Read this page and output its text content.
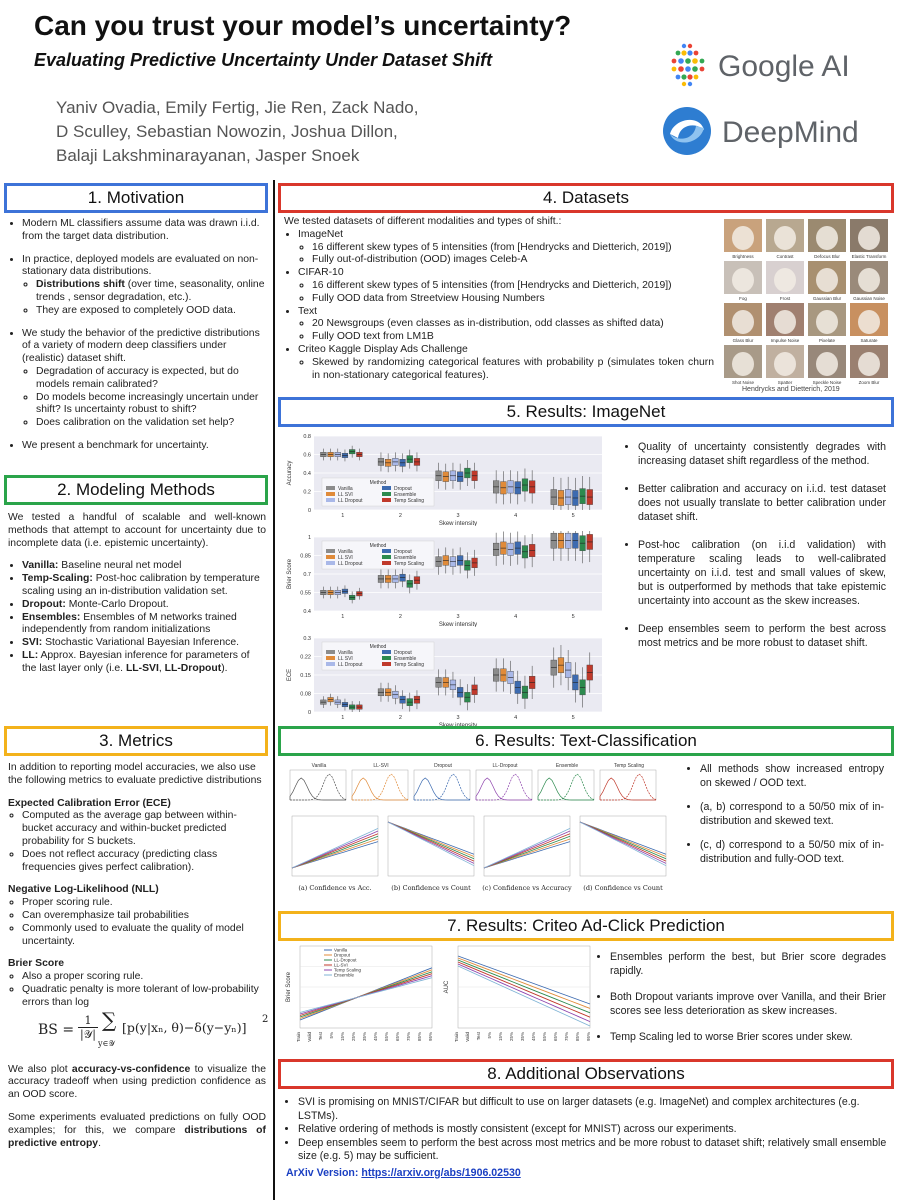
Can you trust your model’s uncertainty?
Evaluating Predictive Uncertainty Under Dataset Shift
Yaniv Ovadia, Emily Fertig, Jie Ren, Zack Nado,
D Sculley, Sebastian Nowozin, Joshua Dillon,
Balaji Lakshminarayanan, Jasper Snoek
Google AI
DeepMind
1. Motivation
• Modern ML classifiers assume data was drawn i.i.d. from the target data distribution.
• In practice, deployed models are evaluated on non-stationary data distributions.
◦ Distributions shift (over time, seasonality, online trends , sensor degradation, etc.).
◦ They are exposed to completely OOD data.
• We study the behavior of the predictive distributions of a variety of modern deep classifiers under (realistic) dataset shift.
◦ Degradation of accuracy is expected, but do models remain calibrated?
◦ Do models become increasingly uncertain under shift? Is uncertainty robust to shift?
◦ Does calibration on the validation set help?
• We present a benchmark for uncertainty.
2. Modeling Methods
We tested a handful of scalable and well-known methods that attempt to account for uncertainty due to incomplete data (i.e. epistemic uncertainty).
• Vanilla: Baseline neural net model
• Temp-Scaling: Post-hoc calibration by temperature scaling using an in-distribution validation set.
• Dropout: Monte-Carlo Dropout.
• Ensembles: Ensembles of M networks trained independently from random initializations
• SVI: Stochastic Variational Bayesian Inference.
• LL: Approx. Bayesian inference for parameters of the last layer only (i.e. LL-SVI, LL-Dropout).
3. Metrics
In addition to reporting model accuracies, we also use the following metrics to evaluate predictive distributions
Expected Calibration Error (ECE)
◦ Computed as the average gap between within-bucket accuracy and within-bucket predicted probability for S buckets.
◦ Does not reflect accuracy (predicting class frequencies gives perfect calibration).
Negative Log-Likelihood (NLL)
◦ Proper scoring rule.
◦ Can overemphasize tail probabilities
◦ Commonly used to evaluate the quality of model uncertainty.
Brier Score
◦ Also a proper scoring rule.
◦ Quadratic penalty is more tolerant of low-probability errors than log
BS =
1
|𝒴|
∑
y∈𝒴
[p(y|xₙ, θ)−δ(y−yₙ)]
2
We also plot accuracy-vs-confidence to visualize the accuracy tradeoff when using prediction confidence as an OOD score.
Some experiments evaluated predictions on fully OOD examples; for this, we compare distributions of predictive entropy.
4. Datasets
We tested datasets of different modalities and types of shift.:
• ImageNet
◦ 16 different skew types of 5 intensities (from [Hendrycks and Dietterich, 2019])
◦ Fully out-of-distribution (OOD) images Celeb-A
• CIFAR-10
◦ 16 different skew types of 5 intensities (from [Hendrycks and Dietterich, 2019])
◦ Fully OOD data from Streetview Housing Numbers
• Text
◦ 20 Newsgroups (even classes as in-distribution, odd classes as shifted data)
◦ Fully OOD text from LM1B
• Criteo Kaggle Display Ads Challenge
◦ Skewed by randomizing categorical features with probability p (simulates token churn in non-stationary categorical features).
Brightness	Contrast	Defocus Blur	Elastic Transform
Fog	Frost	Gaussian Blur	Gaussian Noise
Glass Blur	Impulse Noise	Pixelate	Saturate
Shot Noise	Spatter	Speckle Noise	Zoom Blur
Hendrycks and Dietterich, 2019
5. Results: ImageNet
0
0.2
0.4
0.6
0.8
Accuracy
1	2	3	4	5
Skew intensity
Method
Vanilla
LL SVI
LL Dropout
Dropout
Ensemble
Temp Scaling

0.4
0.55
0.7
0.85
1
Brier Score
1	2	3	4	5
Skew intensity
Method
Vanilla
LL SVI
LL Dropout
Dropout
Ensemble
Temp Scaling

0
0.08
0.15
0.22
0.3
ECE
1	2	3	4	5
Method
Vanilla
LL SVI
LL Dropout
Dropout
Ensemble
Temp Scaling
• Quality of uncertainty consistently degrades with increasing dataset shift regardless of the method.
• Better calibration and accuracy on i.i.d. test dataset does not usually translate to better calibration under dataset shift.
• Post-hoc calibration (on i.i.d validation) with temperature scaling leads to well-calibrated uncertainty on i.i.d. test and small values of skew, but is outperformed by methods that take epistemic uncertainty into account as the skew increases.
• Deep ensembles seem to perform the best across most metrics and be more robust to dataset shift.
6. Results: Text-Classification
Vanilla	LL-SVI	Dropout	LL-Dropout	Ensemble	Temp Scaling
(a) Confidence vs Acc.	(b) Confidence vs Count (c) Confidence vs Accuracy (d) Confidence vs Count
• All methods show increased entropy on skewed / OOD text.
• (a, b) correspond to a 50/50 mix of in-distribution and skewed text.
• (c, d) correspond to a 50/50 mix of in-distribution and fully-OOD text.
7. Results: Criteo Ad-Click Prediction
Brier Score
Train Valid Test 5% 15% 25% 35% 45% 55% 65% 75% 85% 95%
AUC
Train Valid Test 5% 15% 25% 35% 45% 55% 65% 75% 85% 95%
Vanilla
Dropout
LL-Dropout
LL-SVI
Temp Scaling
Ensemble
• Ensembles perform the best, but Brier score degrades rapidly.
• Both Dropout variants improve over Vanilla, and their Brier scores see less deterioration as skew increases.
• Temp Scaling led to worse Brier scores under skew.
8. Additional Observations
• SVI is promising on MNIST/CIFAR but difficult to use on larger datasets (e.g. ImageNet) and complex architectures (e.g. LSTMs).
• Relative ordering of methods is mostly consistent (except for MNIST) across our experiments.
• Deep ensembles seem to perform the best across most metrics and be more robust to dataset shift; relatively small ensemble size (e.g. 5) may be sufficient.
ArXiv Version: https://arxiv.org/abs/1906.02530
